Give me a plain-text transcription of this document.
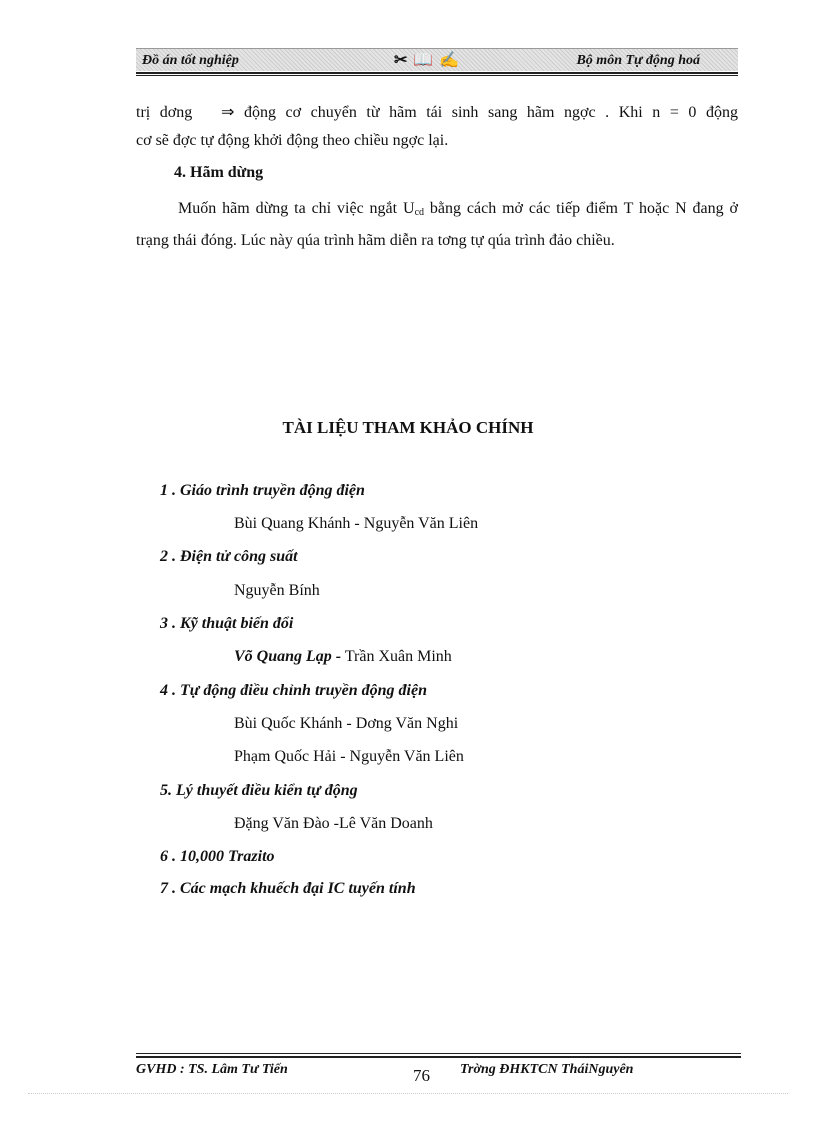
Đồ án tốt nghiệp	✂ 📖 ✍	Bộ môn Tự động hoá

trị dơng ⇒ động cơ chuyển từ hãm tái sinh sang hãm ngợc . Khi n = 0 động
cơ sẽ đợc tự động khởi động theo chiều ngợc lại.

4. Hãm dừng

Muốn hãm dừng ta chỉ việc ngắt $U_{cd}$ bằng cách mở các tiếp điểm T hoặc N đang ở trạng thái đóng. Lúc này qúa trình hãm diễn ra tơng tự qúa trình đảo chiều.

TÀI LIỆU THAM KHẢO CHÍNH

1 . Giáo trình truyền động điện

Bùi Quang Khánh - Nguyễn Văn Liên

2 . Điện tử công suất

Nguyễn Bính

3 . Kỹ thuật biến đổi

Võ Quang Lạp - Trần Xuân Minh

4 . Tự động điều chỉnh truyền động điện

Bùi Quốc Khánh - Dơng Văn Nghi

Phạm Quốc Hải - Nguyễn Văn Liên

5. Lý thuyết điều kiển tự động

Đặng Văn Đào -Lê Văn Doanh

6 . 10,000 Trazito

7 . Các mạch khuếch đại IC tuyến tính

GVHD : TS. Lâm Tư Tiến	76 Trờng ĐHKTCN TháiNguyên
